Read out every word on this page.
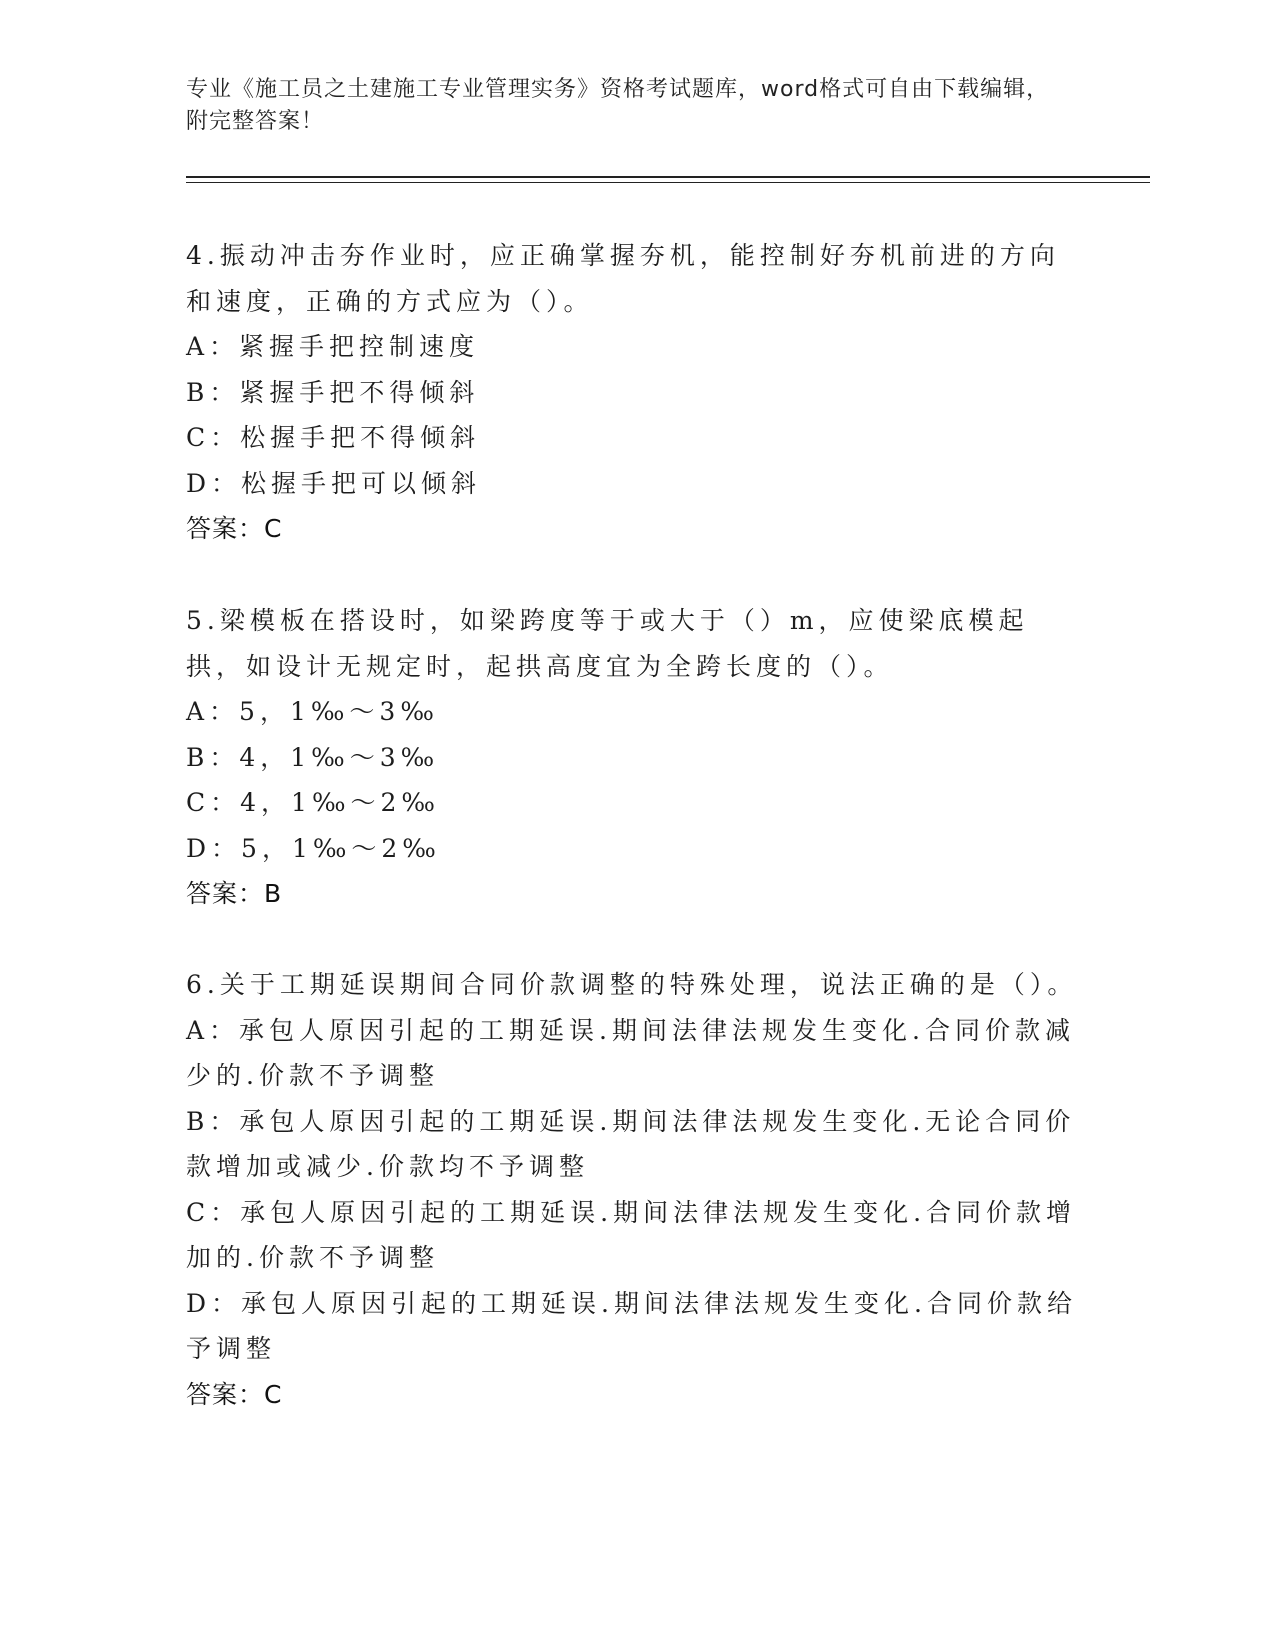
专业《施工员之土建施工专业管理实务》资格考试题库，word格式可自由下载编辑，附完整答案！
4.振动冲击夯作业时，应正确掌握夯机，能控制好夯机前进的方向和速度，正确的方式应为（）。
A：紧握手把控制速度
B：紧握手把不得倾斜
C：松握手把不得倾斜
D：松握手把可以倾斜
答案：C
5.梁模板在搭设时，如梁跨度等于或大于（）m，应使梁底模起拱，如设计无规定时，起拱高度宜为全跨长度的（）。
A：5，1‰～3‰
B：4，1‰～3‰
C：4，1‰～2‰
D：5，1‰～2‰
答案：B
6.关于工期延误期间合同价款调整的特殊处理，说法正确的是（）。
A：承包人原因引起的工期延误.期间法律法规发生变化.合同价款减少的.价款不予调整
B：承包人原因引起的工期延误.期间法律法规发生变化.无论合同价款增加或减少.价款均不予调整
C：承包人原因引起的工期延误.期间法律法规发生变化.合同价款增加的.价款不予调整
D：承包人原因引起的工期延误.期间法律法规发生变化.合同价款给予调整
答案：C
